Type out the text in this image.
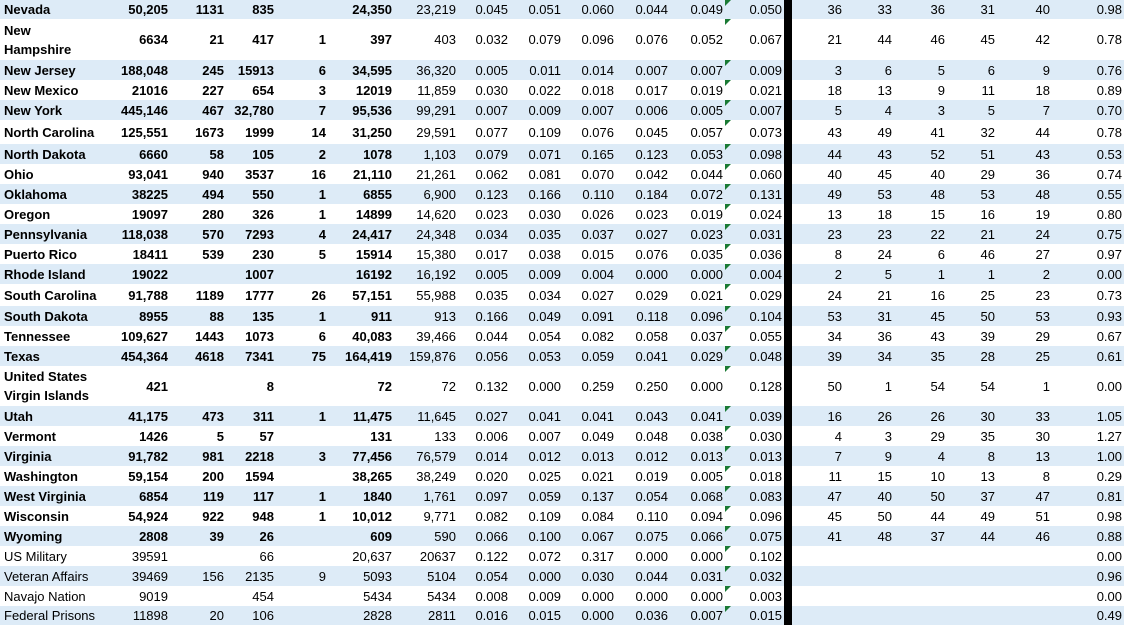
Nevada	50,205	1131	835		24,350	23,219	0.045	0.051	0.060	0.044	0.049	0.050		36	33	36	31	40	0.98
New Hampshire	6634	21	417	1	397	403	0.032	0.079	0.096	0.076	0.052	0.067		21	44	46	45	42	0.78
New Jersey	188,048	245	15913	6	34,595	36,320	0.005	0.011	0.014	0.007	0.007	0.009		3	6	5	6	9	0.76
New Mexico	21016	227	654	3	12019	11,859	0.030	0.022	0.018	0.017	0.019	0.021		18	13	9	11	18	0.89
New York	445,146	467	32,780	7	95,536	99,291	0.007	0.009	0.007	0.006	0.005	0.007		5	4	3	5	7	0.70
North Carolina	125,551	1673	1999	14	31,250	29,591	0.077	0.109	0.076	0.045	0.057	0.073		43	49	41	32	44	0.78
North Dakota	6660	58	105	2	1078	1,103	0.079	0.071	0.165	0.123	0.053	0.098		44	43	52	51	43	0.53
Ohio	93,041	940	3537	16	21,110	21,261	0.062	0.081	0.070	0.042	0.044	0.060		40	45	40	29	36	0.74
Oklahoma	38225	494	550	1	6855	6,900	0.123	0.166	0.110	0.184	0.072	0.131		49	53	48	53	48	0.55
Oregon	19097	280	326	1	14899	14,620	0.023	0.030	0.026	0.023	0.019	0.024		13	18	15	16	19	0.80
Pennsylvania	118,038	570	7293	4	24,417	24,348	0.034	0.035	0.037	0.027	0.023	0.031		23	23	22	21	24	0.75
Puerto Rico	18411	539	230	5	15914	15,380	0.017	0.038	0.015	0.076	0.035	0.036		8	24	6	46	27	0.97
Rhode Island	19022		1007		16192	16,192	0.005	0.009	0.004	0.000	0.000	0.004		2	5	1	1	2	0.00
South Carolina	91,788	1189	1777	26	57,151	55,988	0.035	0.034	0.027	0.029	0.021	0.029		24	21	16	25	23	0.73
South Dakota	8955	88	135	1	911	913	0.166	0.049	0.091	0.118	0.096	0.104		53	31	45	50	53	0.93
Tennessee	109,627	1443	1073	6	40,083	39,466	0.044	0.054	0.082	0.058	0.037	0.055		34	36	43	39	29	0.67
Texas	454,364	4618	7341	75	164,419	159,876	0.056	0.053	0.059	0.041	0.029	0.048		39	34	35	28	25	0.61
United States Virgin Islands	421		8		72	72	0.132	0.000	0.259	0.250	0.000	0.128		50	1	54	54	1	0.00
Utah	41,175	473	311	1	11,475	11,645	0.027	0.041	0.041	0.043	0.041	0.039		16	26	26	30	33	1.05
Vermont	1426	5	57		131	133	0.006	0.007	0.049	0.048	0.038	0.030		4	3	29	35	30	1.27
Virginia	91,782	981	2218	3	77,456	76,579	0.014	0.012	0.013	0.012	0.013	0.013		7	9	4	8	13	1.00
Washington	59,154	200	1594		38,265	38,249	0.020	0.025	0.021	0.019	0.005	0.018		11	15	10	13	8	0.29
West Virginia	6854	119	117	1	1840	1,761	0.097	0.059	0.137	0.054	0.068	0.083		47	40	50	37	47	0.81
Wisconsin	54,924	922	948	1	10,012	9,771	0.082	0.109	0.084	0.110	0.094	0.096		45	50	44	49	51	0.98
Wyoming	2808	39	26		609	590	0.066	0.100	0.067	0.075	0.066	0.075		41	48	37	44	46	0.88
US Military	39591		66		20,637	20637	0.122	0.072	0.317	0.000	0.000	0.102							0.00
Veteran Affairs	39469	156	2135	9	5093	5104	0.054	0.000	0.030	0.044	0.031	0.032							0.96
Navajo Nation	9019		454		5434	5434	0.008	0.009	0.000	0.000	0.000	0.003							0.00
Federal Prisons	11898	20	106		2828	2811	0.016	0.015	0.000	0.036	0.007	0.015							0.49
